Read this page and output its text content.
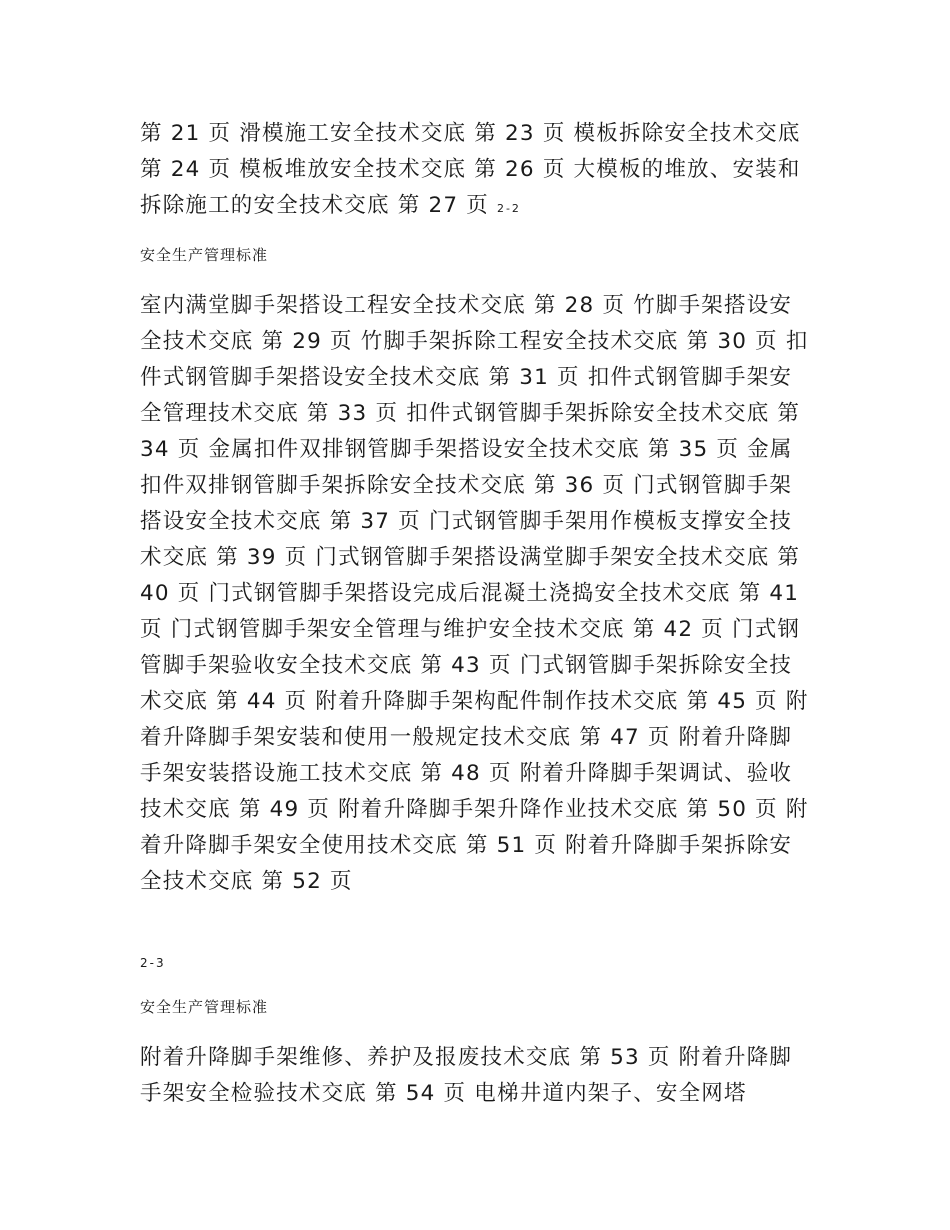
第 21 页 滑模施工安全技术交底 第 23 页 模板拆除安全技术交底 第 24 页 模板堆放安全技术交底 第 26 页 大模板的堆放、安装和拆除施工的安全技术交底 第 27 页 2-2

安全生产管理标准

室内满堂脚手架搭设工程安全技术交底 第 28 页 竹脚手架搭设安全技术交底 第 29 页 竹脚手架拆除工程安全技术交底 第 30 页 扣件式钢管脚手架搭设安全技术交底 第 31 页 扣件式钢管脚手架安全管理技术交底 第 33 页 扣件式钢管脚手架拆除安全技术交底 第 34 页 金属扣件双排钢管脚手架搭设安全技术交底 第 35 页 金属扣件双排钢管脚手架拆除安全技术交底 第 36 页 门式钢管脚手架搭设安全技术交底 第 37 页 门式钢管脚手架用作模板支撑安全技术交底 第 39 页 门式钢管脚手架搭设满堂脚手架安全技术交底 第 40 页 门式钢管脚手架搭设完成后混凝土浇捣安全技术交底 第 41 页 门式钢管脚手架安全管理与维护安全技术交底 第 42 页 门式钢管脚手架验收安全技术交底 第 43 页 门式钢管脚手架拆除安全技术交底 第 44 页 附着升降脚手架构配件制作技术交底 第 45 页 附着升降脚手架安装和使用一般规定技术交底 第 47 页 附着升降脚手架安装搭设施工技术交底 第 48 页 附着升降脚手架调试、验收技术交底 第 49 页 附着升降脚手架升降作业技术交底 第 50 页 附着升降脚手架安全使用技术交底 第 51 页 附着升降脚手架拆除安全技术交底 第 52 页

2-3

安全生产管理标准

附着升降脚手架维修、养护及报废技术交底 第 53 页 附着升降脚手架安全检验技术交底 第 54 页 电梯井道内架子、安全网塔
